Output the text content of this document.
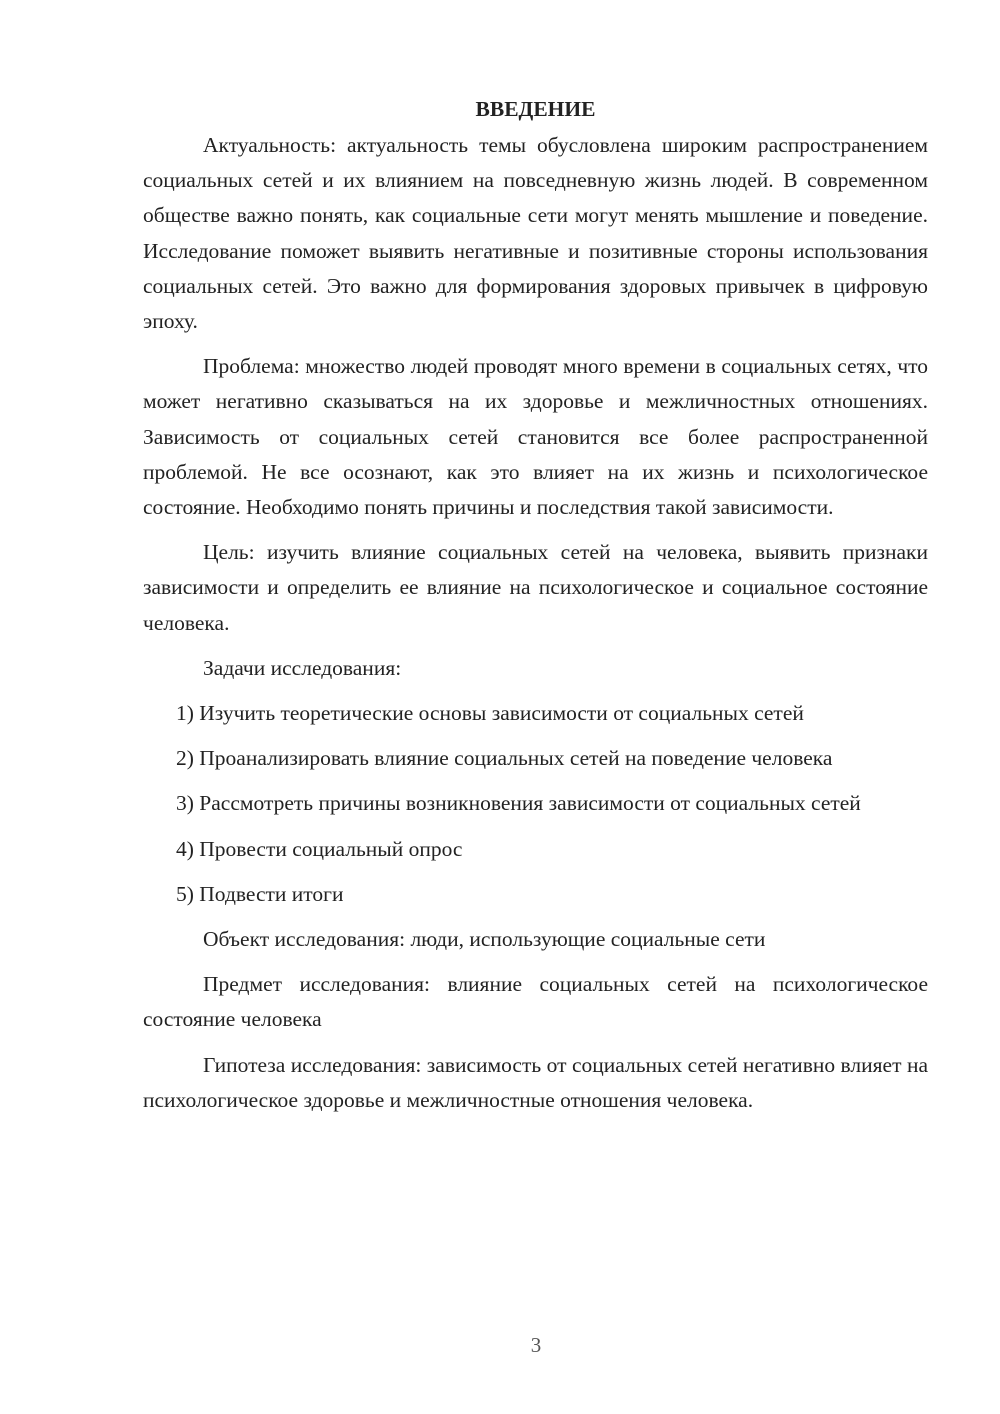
ВВЕДЕНИЕ

Актуальность: актуальность темы обусловлена широким распространением социальных сетей и их влиянием на повседневную жизнь людей. В современном обществе важно понять, как социальные сети могут менять мышление и поведение. Исследование поможет выявить негативные и позитивные стороны использования социальных сетей. Это важно для формирования здоровых привычек в цифровую эпоху.

Проблема: множество людей проводят много времени в социальных сетях, что может негативно сказываться на их здоровье и межличностных отношениях. Зависимость от социальных сетей становится все более распространенной проблемой. Не все осознают, как это влияет на их жизнь и психологическое состояние. Необходимо понять причины и последствия такой зависимости.

Цель: изучить влияние социальных сетей на человека, выявить признаки зависимости и определить ее влияние на психологическое и социальное состояние человека.

Задачи исследования:

1) Изучить теоретические основы зависимости от социальных сетей

2) Проанализировать влияние социальных сетей на поведение человека

3) Рассмотреть причины возникновения зависимости от социальных сетей

4) Провести социальный опрос

5) Подвести итоги

Объект исследования: люди, использующие социальные сети

Предмет исследования: влияние социальных сетей на психологическое состояние человека

Гипотеза исследования: зависимость от социальных сетей негативно влияет на психологическое здоровье и межличностные отношения человека.

3
